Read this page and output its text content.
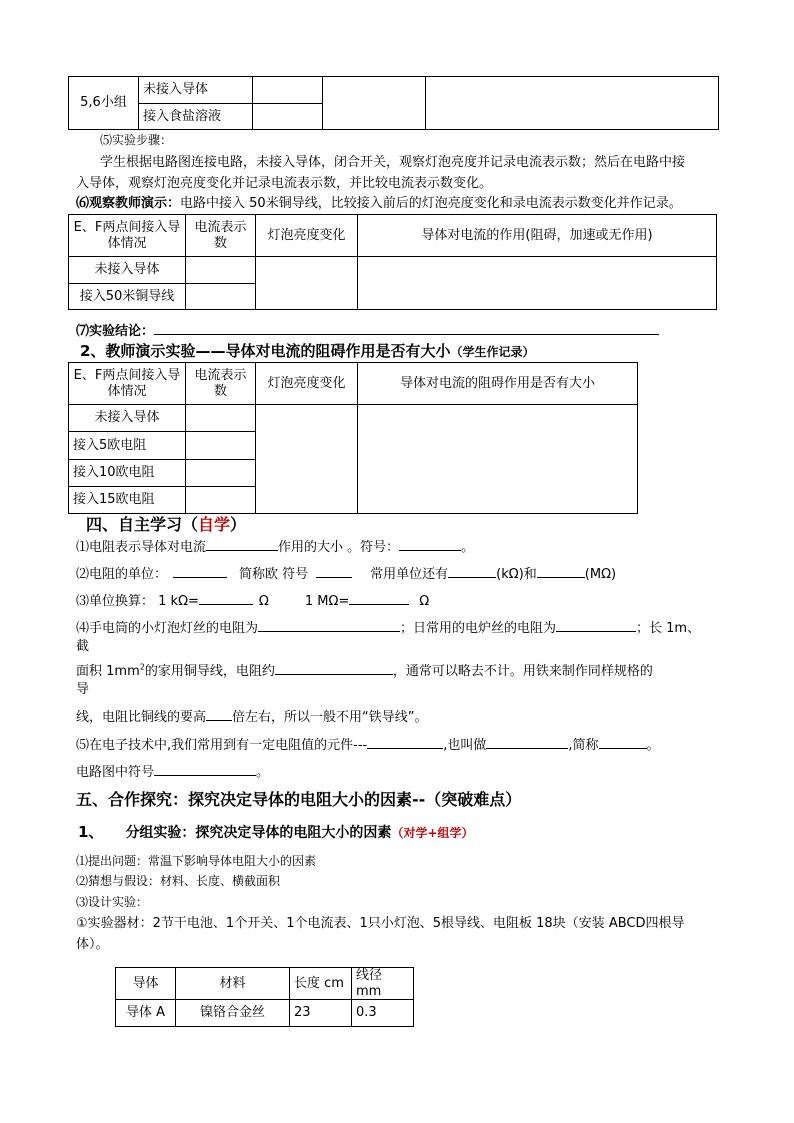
5,6小组	未接入导体			
	接入食盐溶液			
⑸实验步骤：
学生根据电路图连接电路，未接入导体，闭合开关，观察灯泡亮度并记录电流表示数；然后在电路中接
入导体，观察灯泡亮度变化并记录电流表示数，并比较电流表示数变化。
⑹观察教师演示：电路中接入 50米铜导线，比较接入前后的灯泡亮度变化和录电流表示数变化并作记录。
E、F两点间接入导体情况	电流表示数	灯泡亮度变化	导体对电流的作用(阻碍，加速或无作用)
未接入导体			
接入50米铜导线			
⑺实验结论：
2、教师演示实验——导体对电流的阻碍作用是否有大小（学生作记录）
E、F两点间接入导体情况	电流表示数	灯泡亮度变化	导体对电流的阻碍作用是否有大小
未接入导体			
接入5欧电阻			
接入10欧电阻			
接入15欧电阻			
四、自主学习（自学）
⑴电阻表示导体对电流	作用的大小 。符号：	。
⑵电阻的单位：	简称欧 符号	常用单位还有	(kΩ)和	(MΩ)
⑶单位换算： 1 kΩ=	Ω	1 MΩ=	Ω
⑷手电筒的小灯泡灯丝的电阻为	；日常用的电炉丝的电阻为	；长 1m、
截
面积 $1mm^2$的家用铜导线，电阻约	，通常可以略去不计。用铁来制作同样规格的
导
线，电阻比铜线的要高 倍左右，所以一般不用“铁导线”。
⑸在电子技术中,我们常用到有一定电阻值的元件---	,也叫做	,简称	。
电路图中符号	。
五、合作探究：探究决定导体的电阻大小的因素--（突破难点）
1、 分组实验：探究决定导体的电阻大小的因素（对学+组学）
⑴提出问题：常温下影响导体电阻大小的因素
⑵猜想与假设：材料、长度、横截面积
⑶设计实验：
①实验器材：2节干电池、1个开关、1个电流表、1只小灯泡、5根导线、电阻板 18块（安装 ABCD四根导
体）。
导体	材料	长度 cm	线径 mm
导体 A	镍铬合金丝	23	0.3
